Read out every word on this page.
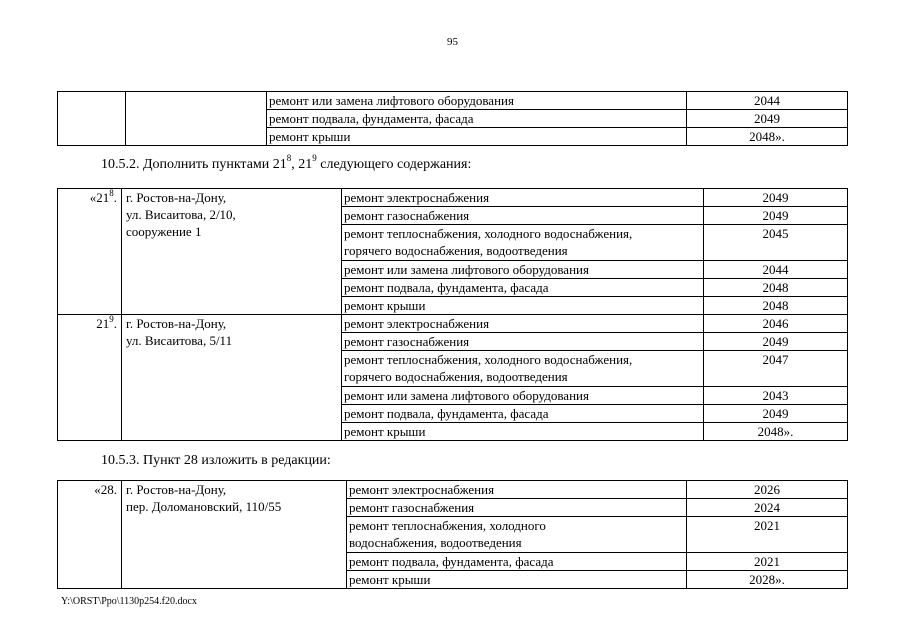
95
		ремонт или замена лифтового оборудования	2044
		ремонт подвала, фундамента, фасада	2049
		ремонт крыши	2048».
10.5.2. Дополнить пунктами $21^8$, $21^9$ следующего содержания:
«$21^8$.	г. Ростов-на-Дону,
ул. Висаитова, 2/10,
сооружение 1	ремонт электроснабжения	2049
		ремонт газоснабжения	2049
		ремонт теплоснабжения, холодного водоснабжения,
горячего водоснабжения, водоотведения	2045
		ремонт или замена лифтового оборудования	2044
		ремонт подвала, фундамента, фасада	2048
		ремонт крыши	2048
$21^9$.	г. Ростов-на-Дону,
ул. Висаитова, 5/11	ремонт электроснабжения	2046
		ремонт газоснабжения	2049
		ремонт теплоснабжения, холодного водоснабжения,
горячего водоснабжения, водоотведения	2047
		ремонт или замена лифтового оборудования	2043
		ремонт подвала, фундамента, фасада	2049
		ремонт крыши	2048».
10.5.3. Пункт 28 изложить в редакции:
«28.	г. Ростов-на-Дону,
пер. Доломановский, 110/55	ремонт электроснабжения	2026
		ремонт газоснабжения	2024
		ремонт теплоснабжения, холодного
водоснабжения, водоотведения	2021
		ремонт подвала, фундамента, фасада	2021
		ремонт крыши	2028».
Y:\ORST\Ppo\1130p254.f20.docx
